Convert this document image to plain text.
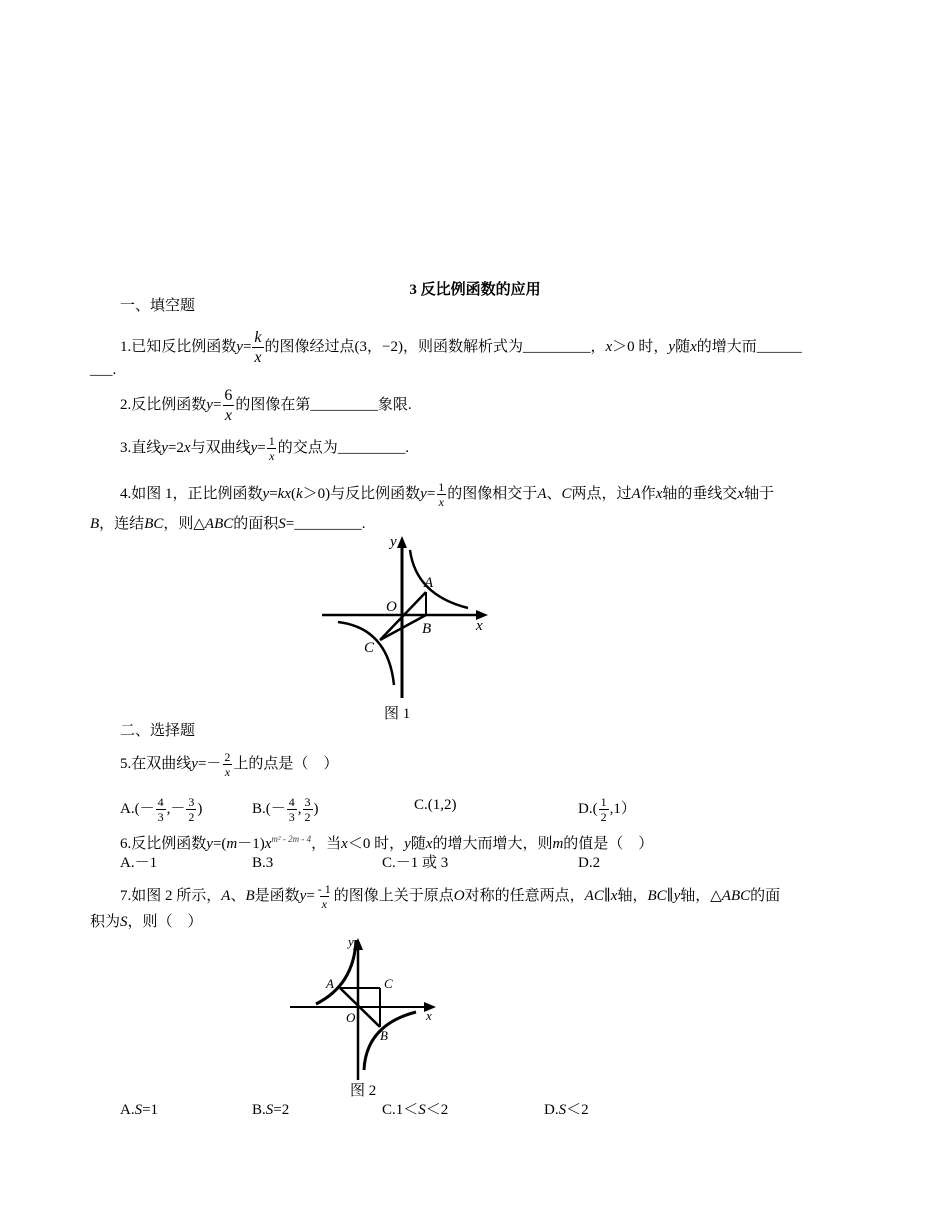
3 反比例函数的应用
一、填空题
1.已知反比例函数$y= \frac{k}{x}$ 的图像经过点(3，−2)，则函数解析式为_________，x＞0 时，y随x的增大而______
___.
2.反比例函数$y= \frac{6}{x}$ 的图像在第_________象限.
3.直线y=2x与双曲线$y= \frac{1}{x}$ 的交点为_________.
4.如图 1，正比例函数y=kx(k＞0)与反比例函数$y= \frac{1}{x}$ 的图像相交于A、C两点，过A作x轴的垂线交x轴于
B，连结BC，则△ABC的面积S=_________.
y
x
O
A
B
C
图 1
二、选择题
5.在双曲线$y=- \frac{2}{x}$ 上的点是（　）
$A.(- \frac{4}{3}$ ,－ $\frac{3}{2}$ )	$B.(- \frac{4}{3}$ , $\frac{3}{2}$ )	C.(1,2)	$D.( \frac{1}{2} ,1)$
6.反比例函数$y=(m-1)x^{m^2 - 2m - 4}$，当x＜0 时，y随x的增大而增大，则m的值是（　）
A.－1	B.3	C.－1 或 3	D.2
7.如图 2 所示，A、B是函数$y= \frac{- 1}{x}$ 的图像上关于原点O对称的任意两点，AC∥x轴，BC∥y轴，△ABC的面
积为S，则（　）
y
x
O
A
B
C
图 2
A.S=1	B.S=2	C.1＜S＜2	D.S＜2
